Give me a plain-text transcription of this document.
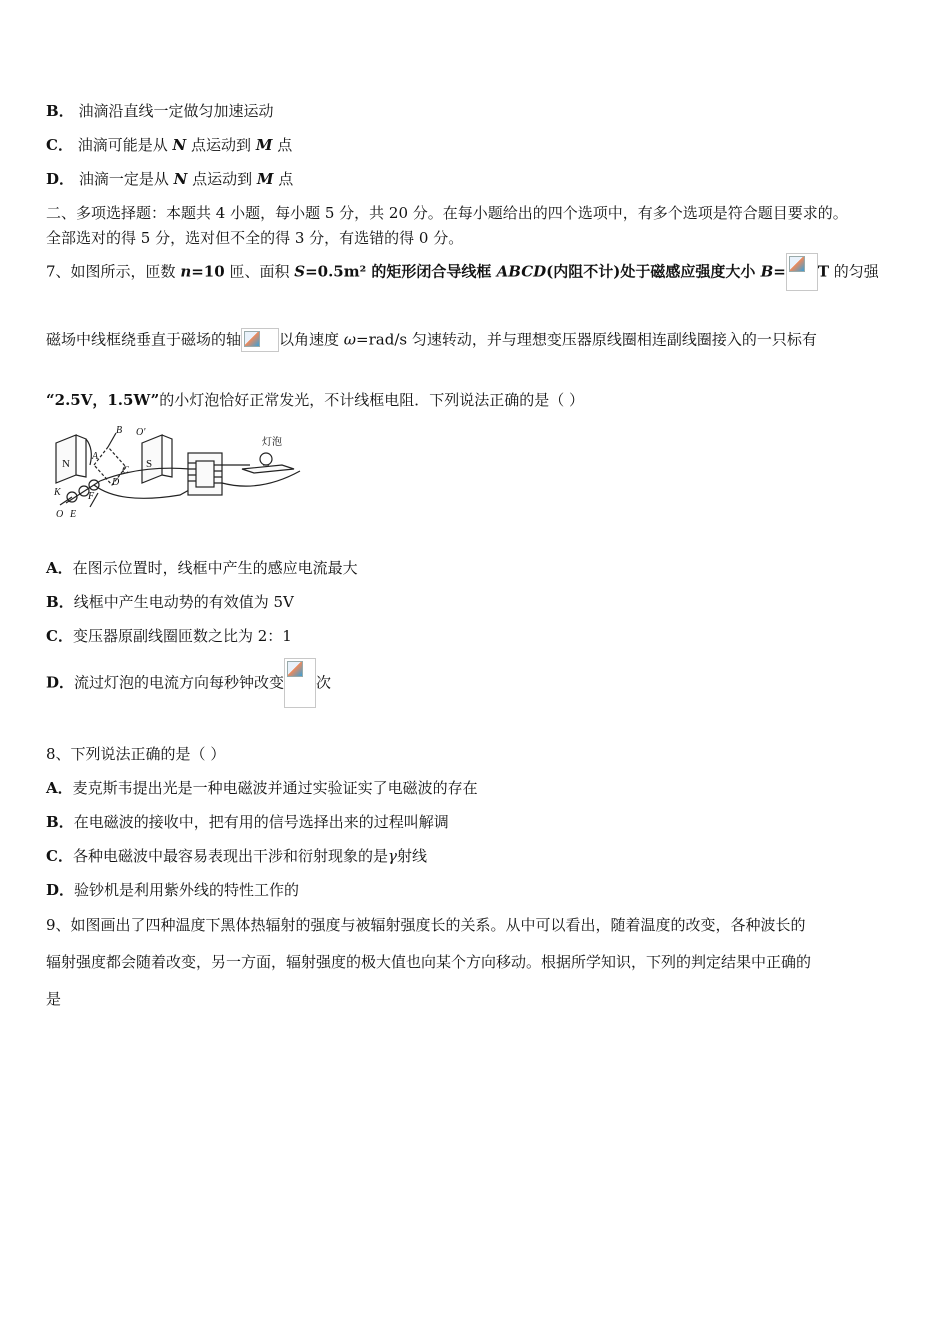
B． 油滴沿直线一定做匀加速运动
C． 油滴可能是从 N 点运动到 M 点
D． 油滴一定是从 N 点运动到 M 点
二、多项选择题：本题共 4 小题，每小题 5 分，共 20 分。在每小题给出的四个选项中，有多个选项是符合题目要求的。
全部选对的得 5 分，选对但不全的得 3 分，有选错的得 0 分。
7、如图所示，匝数 n=10 匝、面积 S=0.5m² 的矩形闭合导线框 ABCD(内阻不计)处于磁感应强度大小 B= T 的匀强
磁场中线框绕垂直于磁场的轴	以角速度 ω=rad/s 匀速转动，并与理想变压器原线圈相连副线圈接入的一只标有
“2.5V，1.5W”的小灯泡恰好正常发光，不计线框电阻．下列说法正确的是（ ）
N	S
B O'
A
C
D
K	F
O E
灯泡
A．在图示位置时，线框中产生的感应电流最大
B．线框中产生电动势的有效值为 5V
C．变压器原副线圈匝数之比为 2：1
D．流过灯泡的电流方向每秒钟改变 次
8、下列说法正确的是（ ）
A．麦克斯韦提出光是一种电磁波并通过实验证实了电磁波的存在
B．在电磁波的接收中，把有用的信号选择出来的过程叫解调
C．各种电磁波中最容易表现出干涉和衍射现象的是γ射线
D．验钞机是利用紫外线的特性工作的
9、如图画出了四种温度下黑体热辐射的强度与被辐射强度长的关系。从中可以看出，随着温度的改变，各种波长的
辐射强度都会随着改变，另一方面，辐射强度的极大值也向某个方向移动。根据所学知识，下列的判定结果中正确的
是
